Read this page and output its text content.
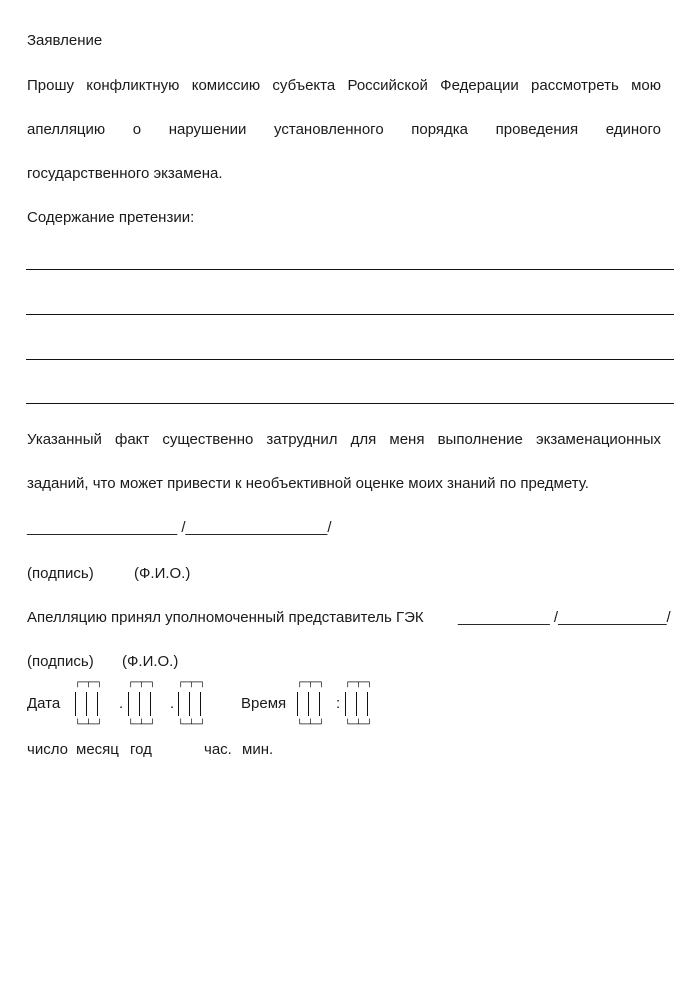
Заявление
Прошу конфликтную комиссию субъекта Российской Федерации рассмотреть мою
апелляцию о нарушении установленного порядка проведения единого
государственного экзамена.
Содержание претензии:
Указанный факт существенно затруднил для меня выполнение экзаменационных
заданий, что может привести к необъективной оценке моих знаний по предмету.
__________________ /_________________/
(подпись)	(Ф.И.О.)
Апелляцию принял уполномоченный представитель ГЭК ___________ /_____________/
(подпись) (Ф.И.О.)
Дата
┌─┬─┐
└─┴─┘
.
┌─┬─┐
└─┴─┘
.
┌─┬─┐
└─┴─┘
Время
┌─┬─┐
└─┴─┘
:
┌─┬─┐
└─┴─┘
число месяц год	час. мин.
